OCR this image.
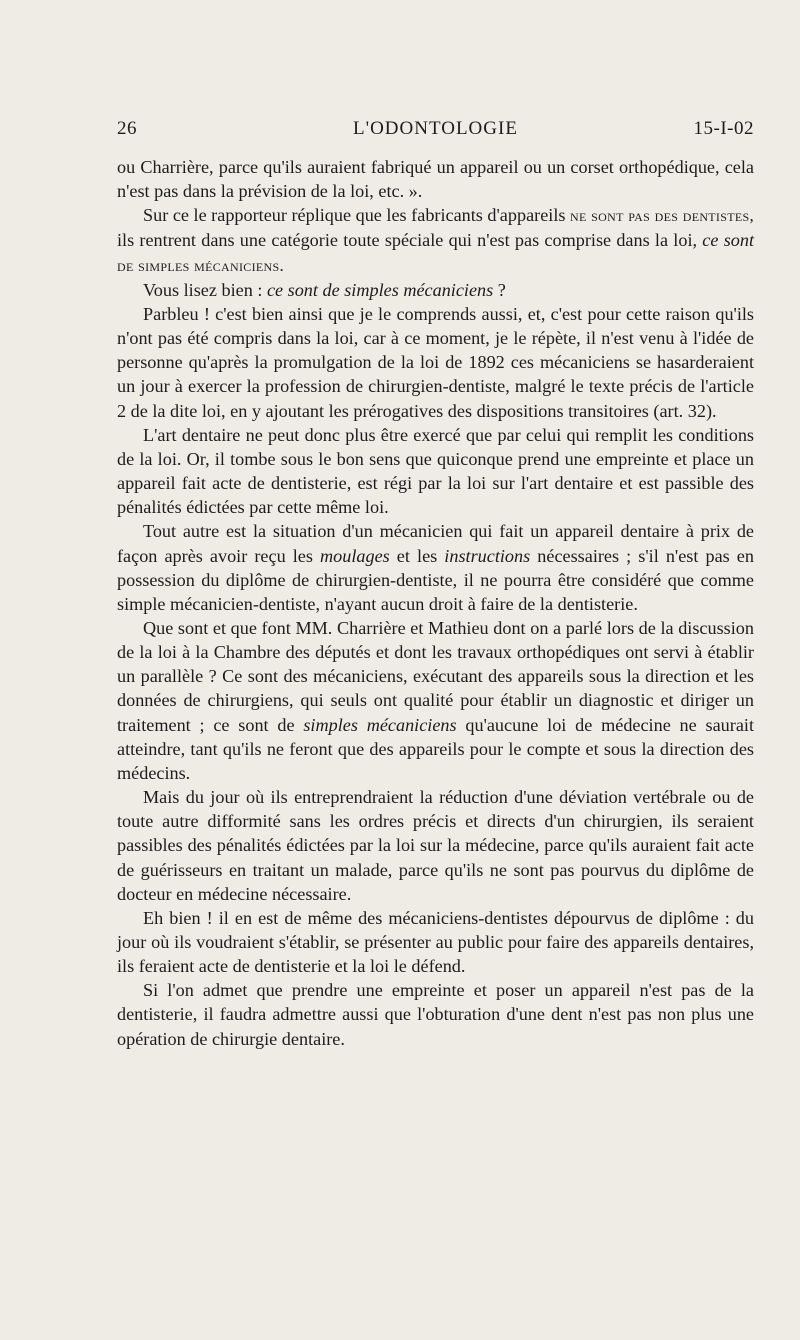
L'ODONTOLOGIE
26	15-I-02

ou Charrière, parce qu'ils auraient fabriqué un appareil ou un corset orthopédique, cela n'est pas dans la prévision de la loi, etc. ».

Sur ce le rapporteur réplique que les fabricants d'appareils ne sont pas des dentistes, ils rentrent dans une catégorie toute spéciale qui n'est pas comprise dans la loi, ce sont de simples mécaniciens.

Vous lisez bien : ce sont de simples mécaniciens ?

Parbleu ! c'est bien ainsi que je le comprends aussi, et, c'est pour cette raison qu'ils n'ont pas été compris dans la loi, car à ce moment, je le répète, il n'est venu à l'idée de personne qu'après la promulgation de la loi de 1892 ces mécaniciens se hasarderaient un jour à exercer la profession de chirurgien-dentiste, malgré le texte précis de l'article 2 de la dite loi, en y ajoutant les prérogatives des dispositions transitoires (art. 32).

L'art dentaire ne peut donc plus être exercé que par celui qui remplit les conditions de la loi. Or, il tombe sous le bon sens que quiconque prend une empreinte et place un appareil fait acte de dentisterie, est régi par la loi sur l'art dentaire et est passible des pénalités édictées par cette même loi.

Tout autre est la situation d'un mécanicien qui fait un appareil dentaire à prix de façon après avoir reçu les moulages et les instructions nécessaires ; s'il n'est pas en possession du diplôme de chirurgien-dentiste, il ne pourra être considéré que comme simple mécanicien-dentiste, n'ayant aucun droit à faire de la dentisterie.

Que sont et que font MM. Charrière et Mathieu dont on a parlé lors de la discussion de la loi à la Chambre des députés et dont les travaux orthopédiques ont servi à établir un parallèle ? Ce sont des mécaniciens, exécutant des appareils sous la direction et les données de chirurgiens, qui seuls ont qualité pour établir un diagnostic et diriger un traitement ; ce sont de simples mécaniciens qu'aucune loi de médecine ne saurait atteindre, tant qu'ils ne feront que des appareils pour le compte et sous la direction des médecins.

Mais du jour où ils entreprendraient la réduction d'une déviation vertébrale ou de toute autre difformité sans les ordres précis et directs d'un chirurgien, ils seraient passibles des pénalités édictées par la loi sur la médecine, parce qu'ils auraient fait acte de guérisseurs en traitant un malade, parce qu'ils ne sont pas pourvus du diplôme de docteur en médecine nécessaire.

Eh bien ! il en est de même des mécaniciens-dentistes dépourvus de diplôme : du jour où ils voudraient s'établir, se présenter au public pour faire des appareils dentaires, ils feraient acte de dentisterie et la loi le défend.

Si l'on admet que prendre une empreinte et poser un appareil n'est pas de la dentisterie, il faudra admettre aussi que l'obturation d'une dent n'est pas non plus une opération de chirurgie dentaire.
